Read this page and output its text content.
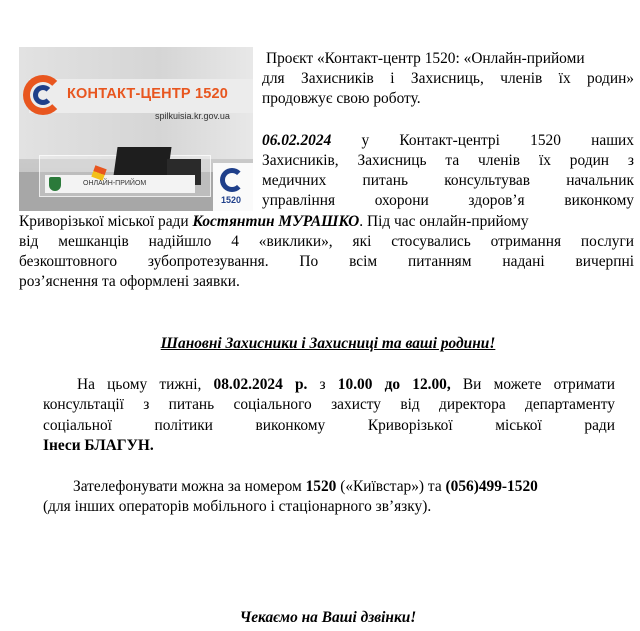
КОНТАКТ-ЦЕНТР 1520
spilkuisia.kr.gov.ua
ОНЛАЙН-ПРИЙОМ
1520
Проєкт «Контакт-центр 1520: «Онлайн-прийоми
для Захисників і Захисниць, членів їх родин»
продовжує свою роботу.
06.02.2024 у Контакт-центрі 1520 наших
Захисників, Захисниць та членів їх родин з
медичних питань консультував начальник
управління охорони здоров’я виконкому
Криворізької міської ради Костянтин МУРАШКО. Під час онлайн-прийому
від мешканців надійшло 4 «виклики», які стосувались отримання послуги
безкоштовного зубопротезування. По всім питанням надані вичерпні
роз’яснення та оформлені заявки.
Шановні Захисники і Захисниці та ваші родини!
На цьому тижні, 08.02.2024 р. з 10.00 до 12.00, Ви можете отримати
консультації з питань соціального захисту від директора департаменту
соціальної політики виконкому Криворізької міської ради
Інеси БЛАГУН.
Зателефонувати можна за номером 1520 («Київстар») та (056)499-1520
(для інших операторів мобільного і стаціонарного зв’язку).
Чекаємо на Ваші дзвінки!
